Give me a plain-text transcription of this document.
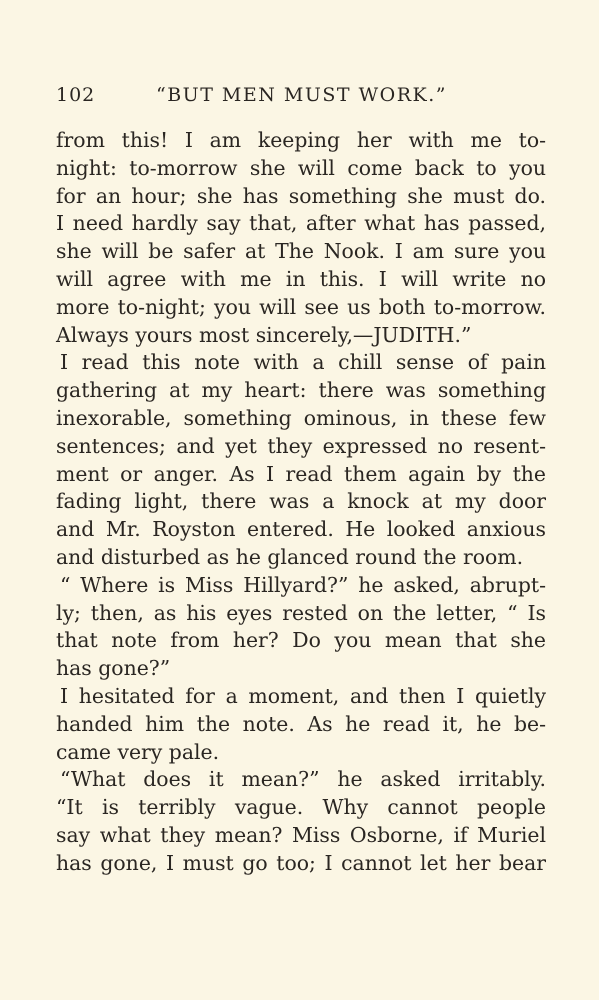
102	“BUT MEN MUST WORK.”
from this! I am keeping her with me to-
night: to-morrow she will come back to you
for an hour; she has something she must do.
I need hardly say that, after what has passed,
she will be safer at The Nook. I am sure you
will agree with me in this. I will write no
more to-night; you will see us both to-morrow.
Always yours most sincerely,—JUDITH.”
I read this note with a chill sense of pain
gathering at my heart: there was something
inexorable, something ominous, in these few
sentences; and yet they expressed no resent-
ment or anger. As I read them again by the
fading light, there was a knock at my door
and Mr. Royston entered. He looked anxious
and disturbed as he glanced round the room.
“ Where is Miss Hillyard?” he asked, abrupt-
ly; then, as his eyes rested on the letter, “ Is
that note from her? Do you mean that she
has gone?”
I hesitated for a moment, and then I quietly
handed him the note. As he read it, he be-
came very pale.
“What does it mean?” he asked irritably.
“It is terribly vague. Why cannot people
say what they mean? Miss Osborne, if Muriel
has gone, I must go too; I cannot let her bear
